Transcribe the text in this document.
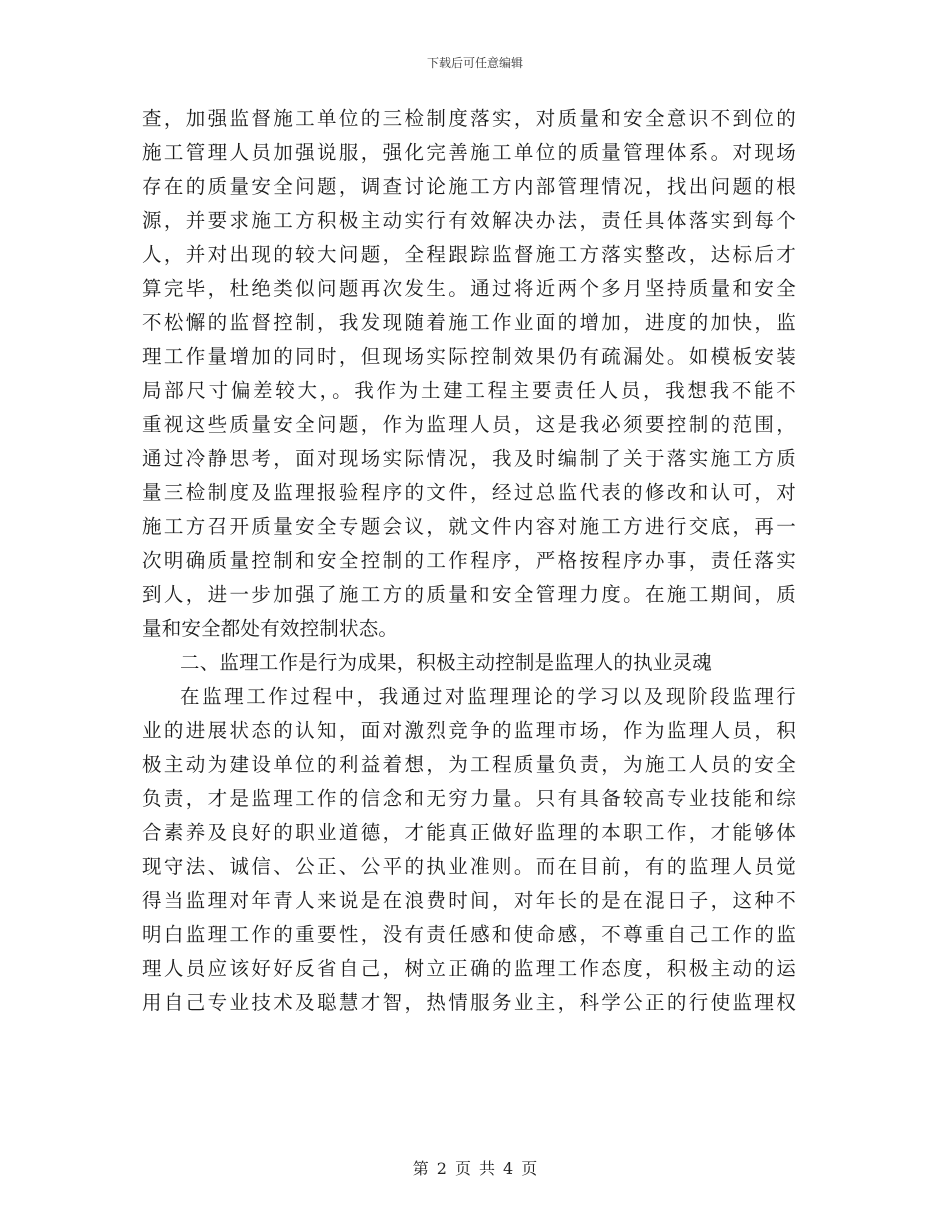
下载后可任意编辑
查，加强监督施工单位的三检制度落实，对质量和安全意识不到位的
施工管理人员加强说服，强化完善施工单位的质量管理体系。对现场
存在的质量安全问题，调查讨论施工方内部管理情况，找出问题的根
源，并要求施工方积极主动实行有效解决办法，责任具体落实到每个
人，并对出现的较大问题，全程跟踪监督施工方落实整改，达标后才
算完毕，杜绝类似问题再次发生。通过将近两个多月坚持质量和安全
不松懈的监督控制，我发现随着施工作业面的增加，进度的加快，监
理工作量增加的同时，但现场实际控制效果仍有疏漏处。如模板安装
局部尺寸偏差较大，。我作为土建工程主要责任人员，我想我不能不
重视这些质量安全问题，作为监理人员，这是我必须要控制的范围，
通过冷静思考，面对现场实际情况，我及时编制了关于落实施工方质
量三检制度及监理报验程序的文件，经过总监代表的修改和认可，对
施工方召开质量安全专题会议，就文件内容对施工方进行交底，再一
次明确质量控制和安全控制的工作程序，严格按程序办事，责任落实
到人，进一步加强了施工方的质量和安全管理力度。在施工期间，质
量和安全都处有效控制状态。
二、监理工作是行为成果，积极主动控制是监理人的执业灵魂
在监理工作过程中，我通过对监理理论的学习以及现阶段监理行
业的进展状态的认知，面对激烈竞争的监理市场，作为监理人员，积
极主动为建设单位的利益着想，为工程质量负责，为施工人员的安全
负责，才是监理工作的信念和无穷力量。只有具备较高专业技能和综
合素养及良好的职业道德，才能真正做好监理的本职工作，才能够体
现守法、诚信、公正、公平的执业准则。而在目前，有的监理人员觉
得当监理对年青人来说是在浪费时间，对年长的是在混日子，这种不
明白监理工作的重要性，没有责任感和使命感，不尊重自己工作的监
理人员应该好好反省自己，树立正确的监理工作态度，积极主动的运
用自己专业技术及聪慧才智，热情服务业主，科学公正的行使监理权
第 2 页 共 4 页
